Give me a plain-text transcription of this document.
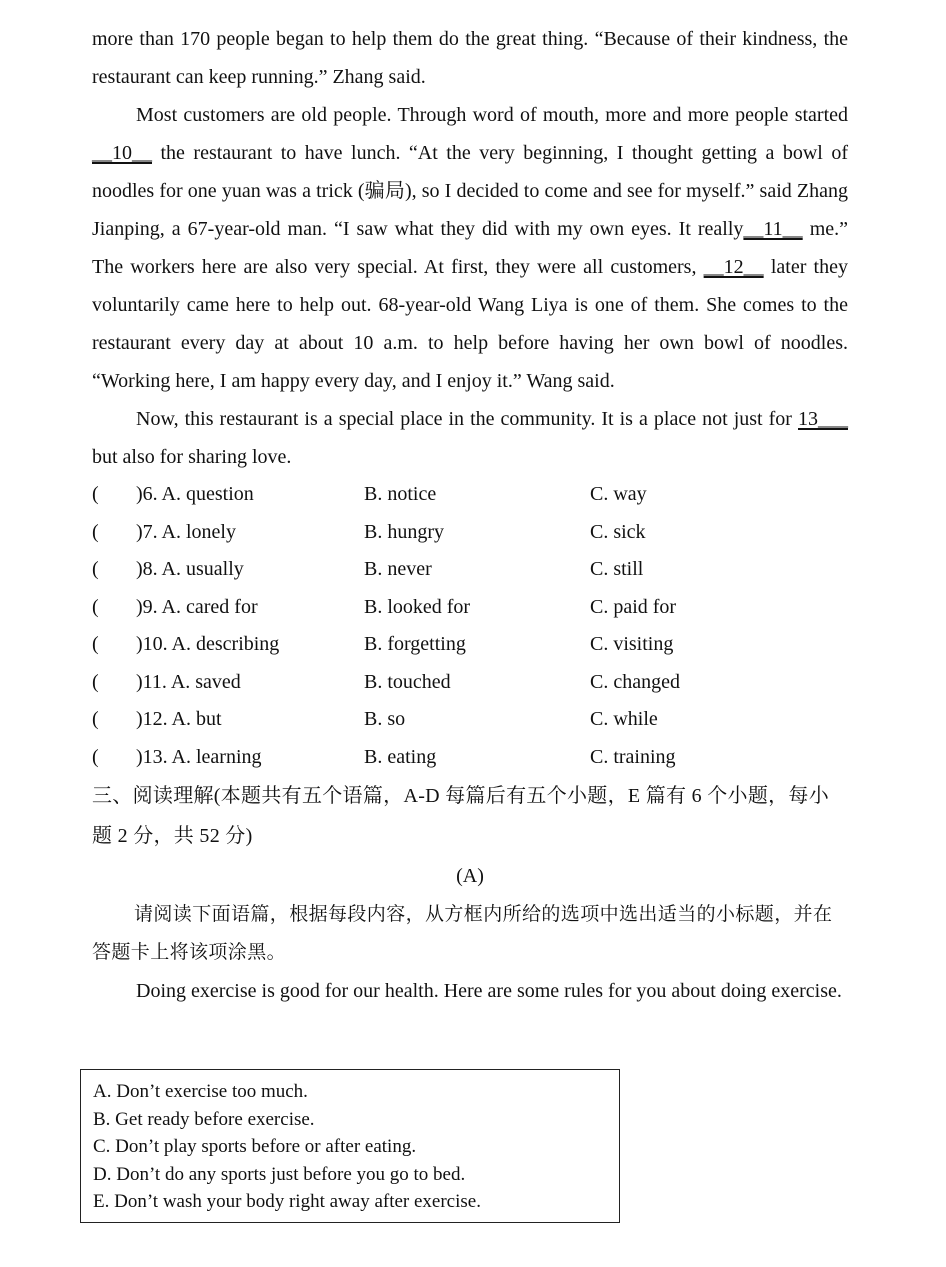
more than 170 people began to help them do the great thing. “Because of their kindness, the restaurant can keep running.” Zhang said.

Most customers are old people. Through word of mouth, more and more people started __10__ the restaurant to have lunch. “At the very beginning, I thought getting a bowl of noodles for one yuan was a trick (骗局), so I decided to come and see for myself.” said Zhang Jianping, a 67-year-old man. “I saw what they did with my own eyes. It really__11__ me.” The workers here are also very special. At first, they were all customers, __12__ later they voluntarily came here to help out. 68-year-old Wang Liya is one of them. She comes to the restaurant every day at about 10 a.m. to help before having her own bowl of noodles. “Working here, I am happy every day, and I enjoy it.” Wang said.

Now, this restaurant is a special place in the community. It is a place not just for 13___ but also for sharing love.

( )6. A. question	B. notice	C. way
( )7. A. lonely	B. hungry	C. sick
( )8. A. usually	B. never	C. still
( )9. A. cared for	B. looked for	C. paid for
( )10. A. describing	B. forgetting	C. visiting
( )11. A. saved	B. touched	C. changed
( )12. A. but	B. so	C. while
( )13. A. learning	B. eating	C. training

三、阅读理解(本题共有五个语篇，A-D 每篇后有五个小题，E 篇有 6 个小题，每小题 2 分，共 52 分)

(A)

请阅读下面语篇，根据每段内容，从方框内所给的选项中选出适当的小标题，并在答题卡上将该项涂黑。

Doing exercise is good for our health. Here are some rules for you about doing exercise.

A. Don’t exercise too much.
B. Get ready before exercise.
C. Don’t play sports before or after eating.
D. Don’t do any sports just before you go to bed.
E. Don’t wash your body right away after exercise.
